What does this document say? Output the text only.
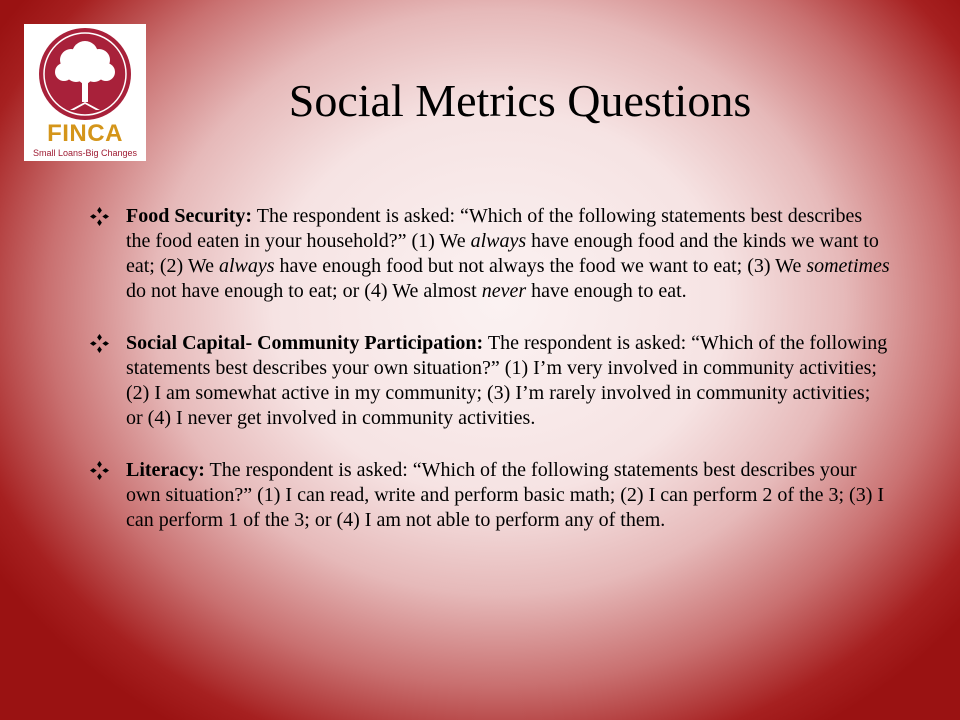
FINCA
Small Loans-Big Changes
Social Metrics Questions

Food Security: The respondent is asked: “Which of the following statements best describes the food eaten in your household?” (1) We always have enough food and the kinds we want to eat; (2) We always have enough food but not always the food we want to eat; (3) We sometimes do not have enough to eat; or (4) We almost never have enough to eat.

Social Capital- Community Participation: The respondent is asked: “Which of the following statements best describes your own situation?” (1) I’m very involved in community activities; (2) I am somewhat active in my community; (3) I’m rarely involved in community activities; or (4) I never get involved in community activities.

Literacy: The respondent is asked: “Which of the following statements best describes your own situation?” (1) I can read, write and perform basic math; (2) I can perform 2 of the 3; (3) I can perform 1 of the 3; or (4) I am not able to perform any of them.
